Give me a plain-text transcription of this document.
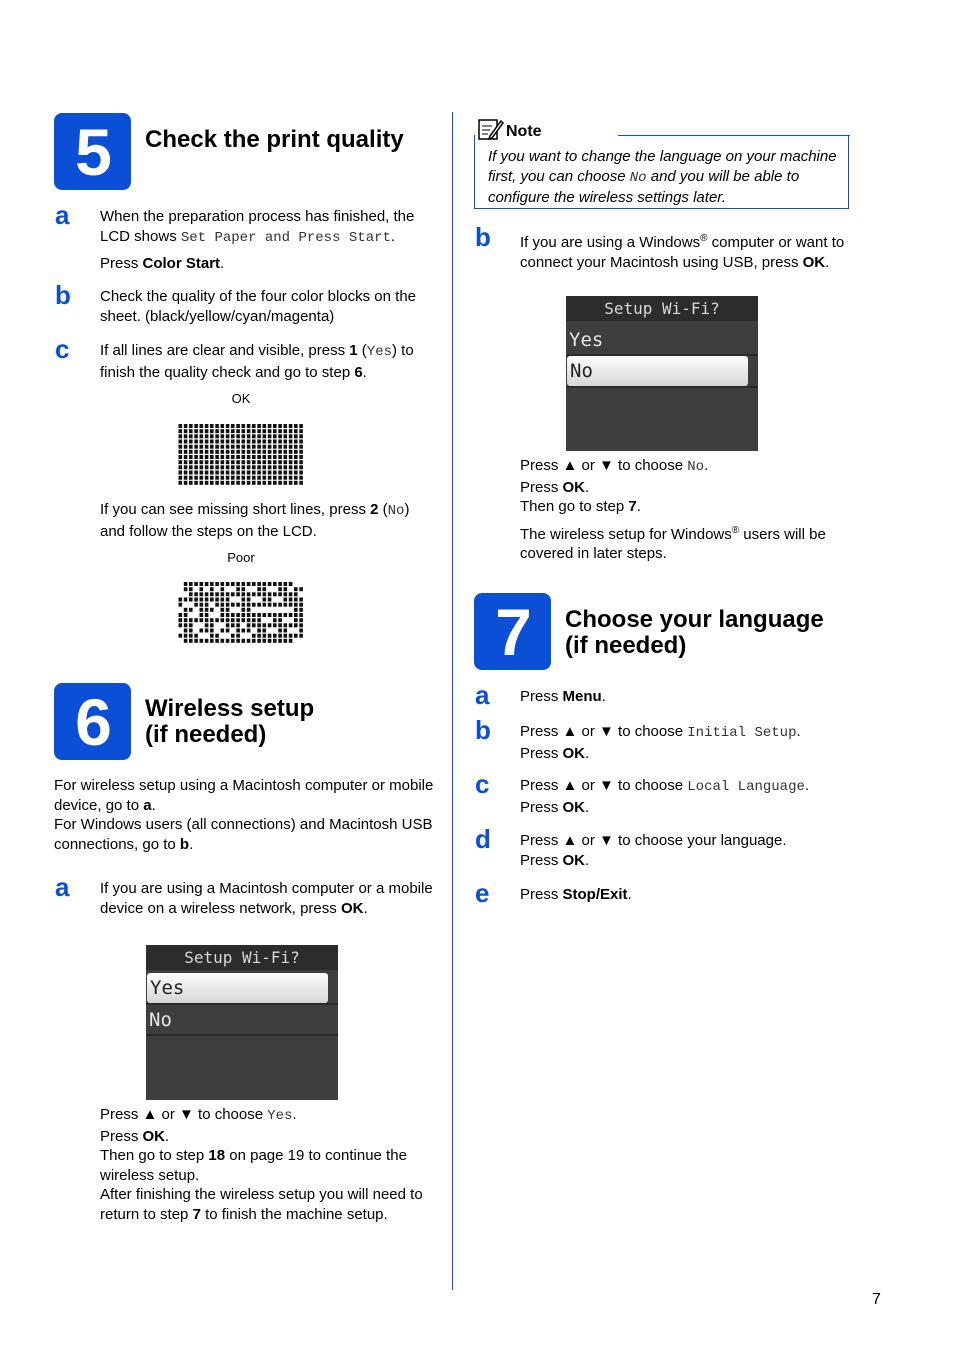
5 Check the print quality
a When the preparation process has finished, the LCD shows Set Paper and Press Start.

Press Color Start.

b Check the quality of the four color blocks on the sheet. (black/yellow/cyan/magenta)
c If all lines are clear and visible, press 1 (Yes) to finish the quality check and go to step 6.

OK

If you can see missing short lines, press 2 (No) and follow the steps on the LCD.

Poor
6 Wireless setup
(if needed)

For wireless setup using a Macintosh computer or mobile device, go to a.

For Windows users (all connections) and Macintosh USB connections, go to b.

a If you are using a Macintosh computer or a mobile device on a wireless network, press OK.

Setup Wi-Fi?
Yes
No

Press ▲ or ▼ to choose Yes.

Press OK.

Then go to step 18 on page 19 to continue the wireless setup.

After finishing the wireless setup you will need to return to step 7 to finish the machine setup.

Note
If you want to change the language on your machine first, you can choose No and you will be able to configure the wireless settings later.
b If you are using a Windows® computer or want to connect your Macintosh using USB, press OK.

Setup Wi-Fi?
Yes
No

Press ▲ or ▼ to choose No.

Press OK.

Then go to step 7.

The wireless setup for Windows® users will be covered in later steps.

7 Choose your language
(if needed)
a Press Menu.

b Press ▲ or ▼ to choose Initial Setup.

Press OK.

c Press ▲ or ▼ to choose Local Language.

Press OK.

d Press ▲ or ▼ to choose your language.

Press OK.

e Press Stop/Exit.

7
